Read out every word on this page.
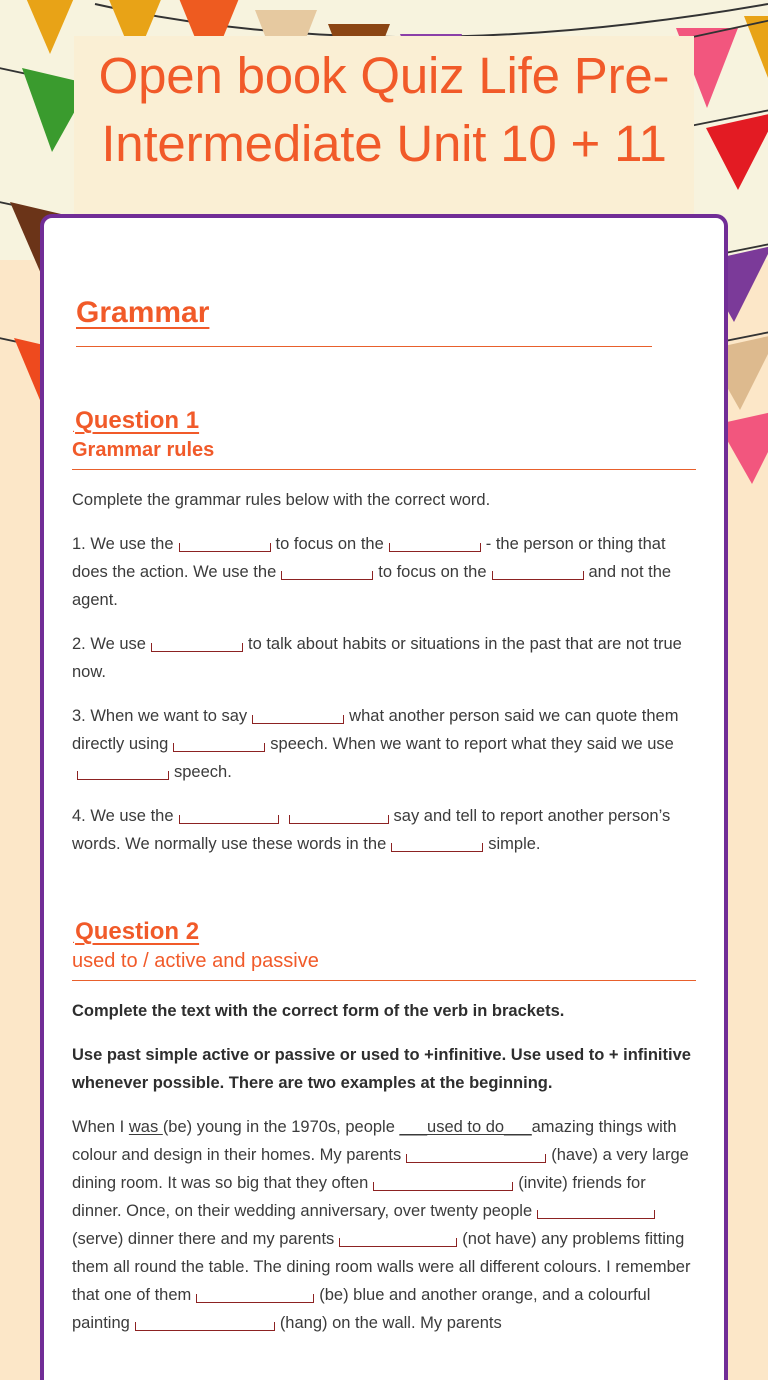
Open book Quiz Life Pre-Intermediate Unit 10 + 11
Grammar
.Question 1

Grammar rules

Complete the grammar rules below with the correct word.

1. We use the	to focus on the	- the person or thing that does the action. We use the	to focus on the	and not the agent.

2. We use	to talk about habits or situations in the past that are not true now.

3. When we want to say	what another person said we can quote them directly using	speech. When we want to report what they said we usespeech.

4. We use the	say and tell to report another person’s words. We normally use these words in the	simple.

.Question 2

used to / active and passive

Complete the text with the correct form of the verb in brackets.

Use past simple active or passive or used to +infinitive. Use used to + infinitive whenever possible. There are two examples at the beginning.

When I was (be) young in the 1970s, people ___used to do___amazing things with colour and design in their homes. My parents	(have) a very large dining room. It was so big that they often	(invite) friends for dinner. Once, on their wedding anniversary, over twenty people(serve) dinner there and my parents	(not have) any problems fitting them all round the table. The dining room walls were all different colours. I remember that one of them	(be) blue and another orange, and a colourful painting	(hang) on the wall. My parents
